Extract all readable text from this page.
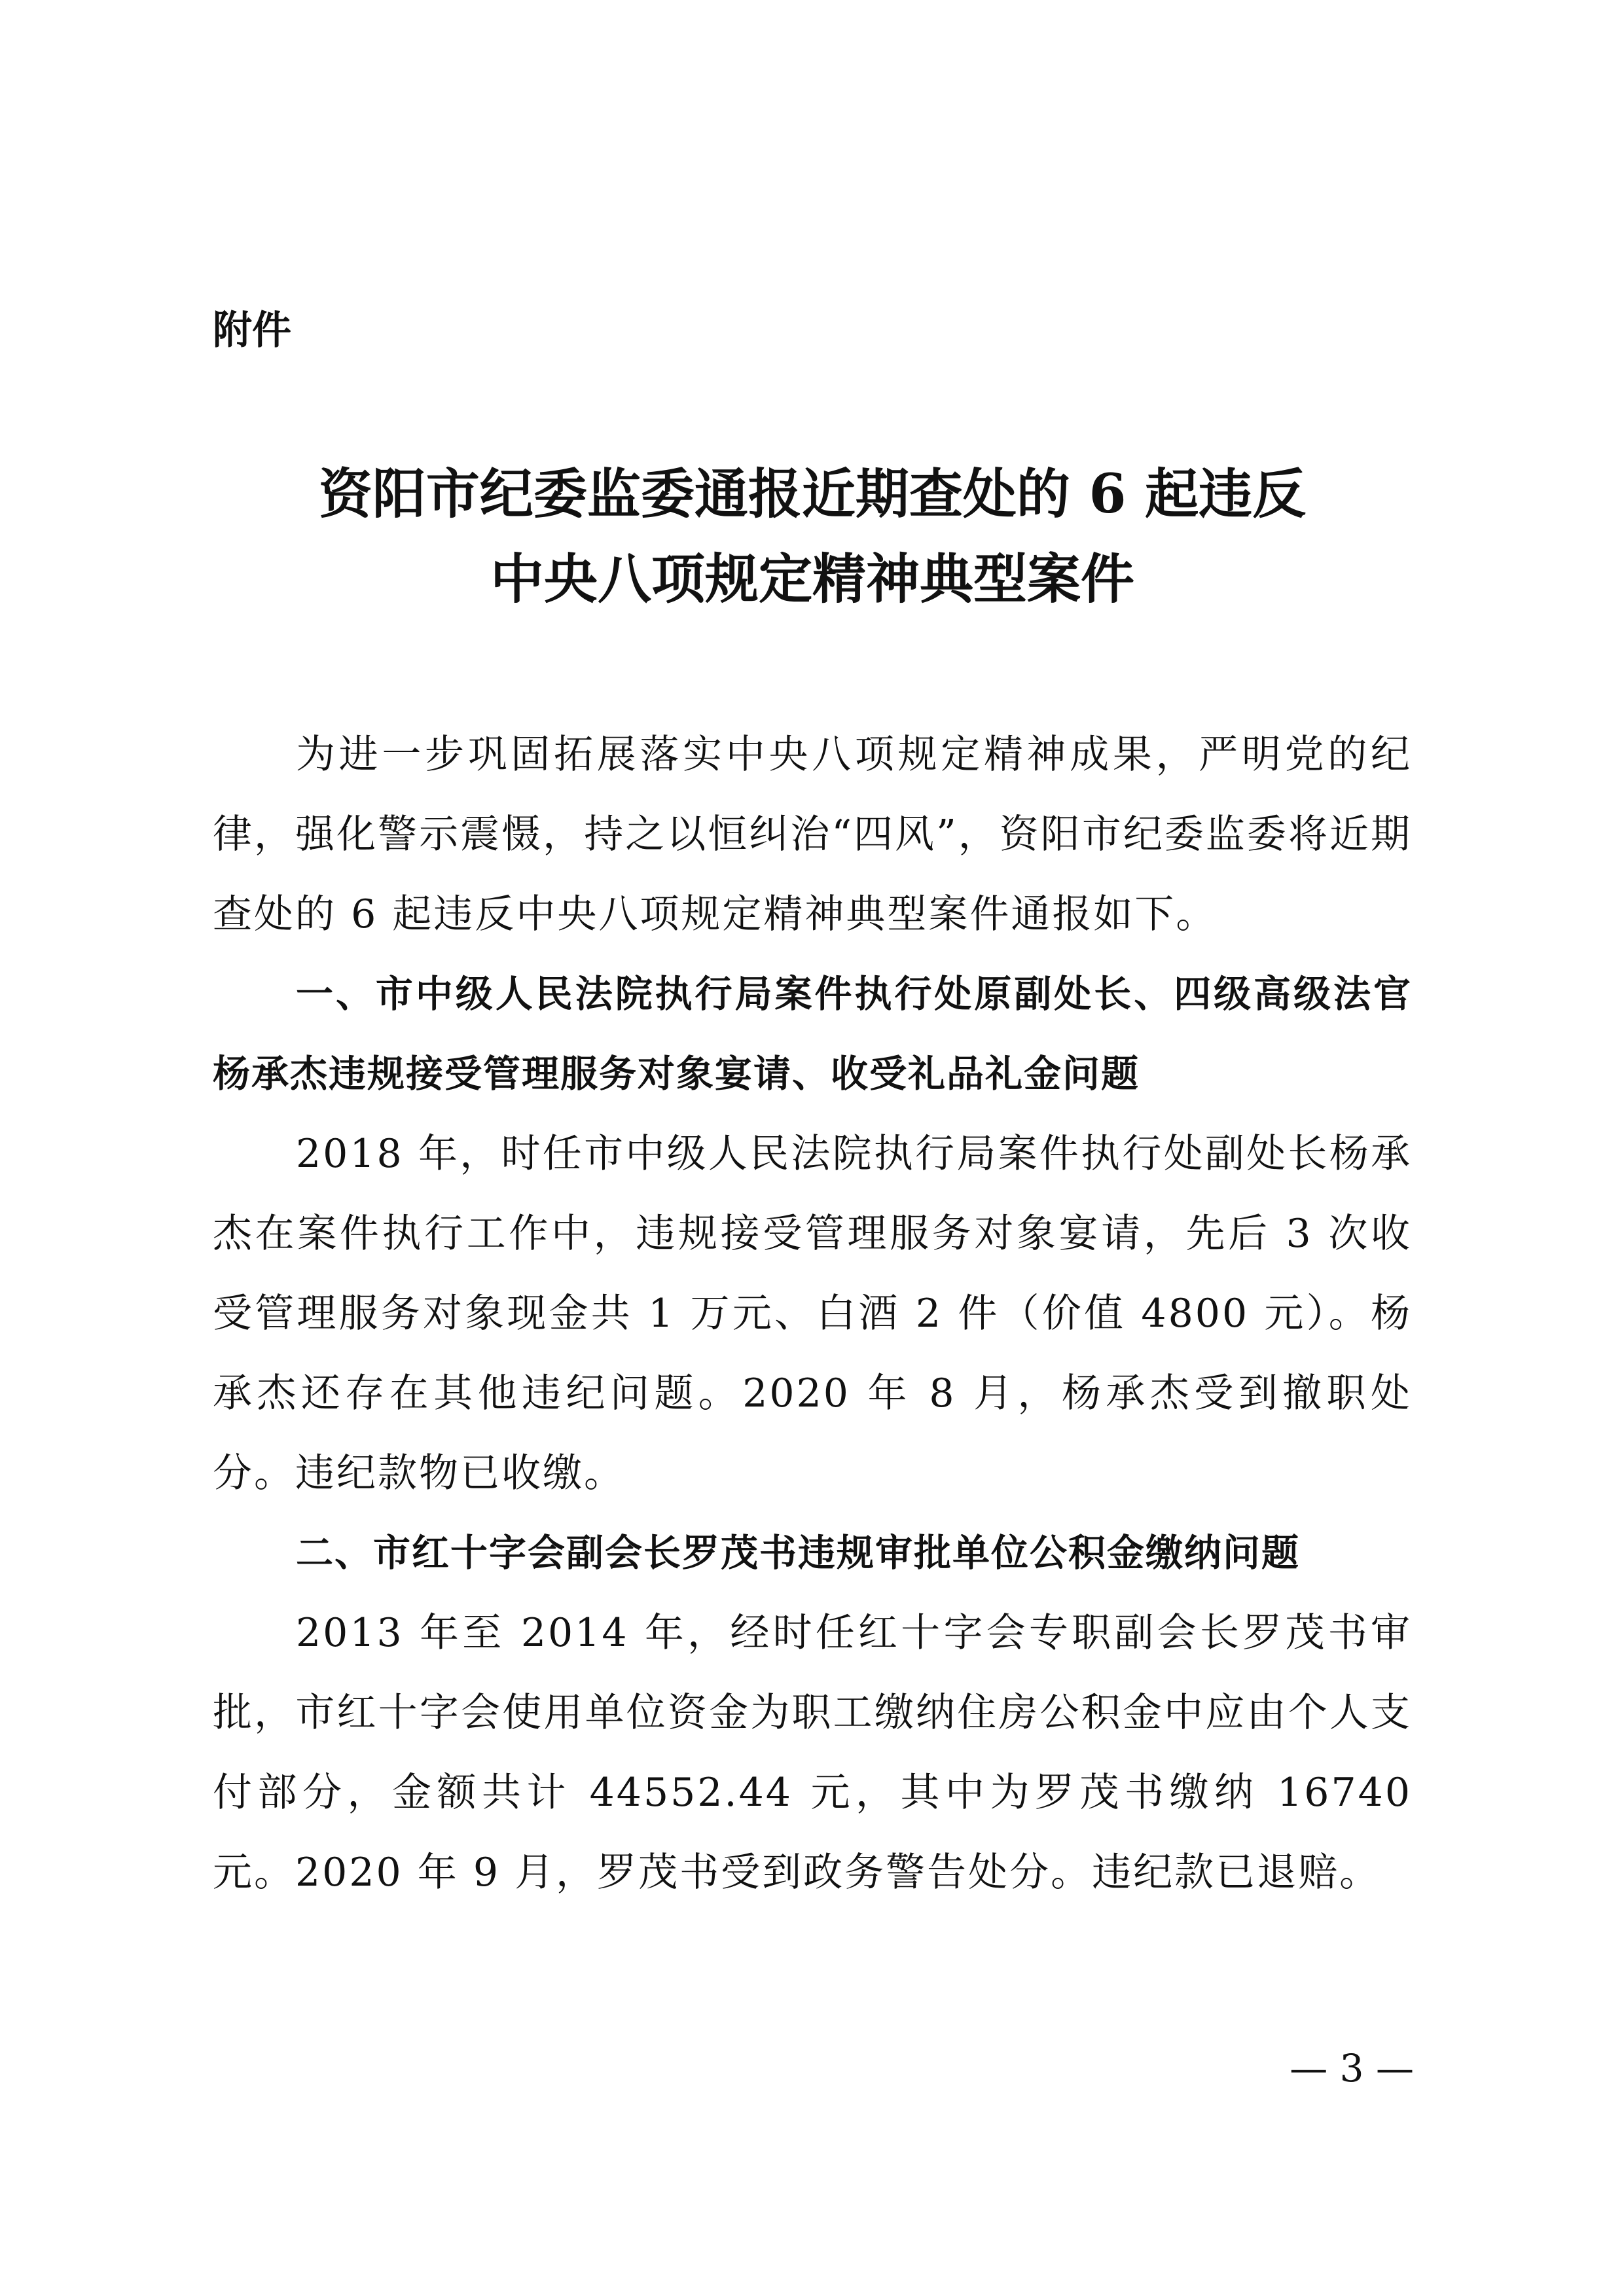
附件
资阳市纪委监委通报近期查处的 6 起违反
中央八项规定精神典型案件

为进一步巩固拓展落实中央八项规定精神成果，严明党的纪律，强化警示震慑，持之以恒纠治“四风”，资阳市纪委监委将近期查处的 6 起违反中央八项规定精神典型案件通报如下。

一、市中级人民法院执行局案件执行处原副处长、四级高级法官杨承杰违规接受管理服务对象宴请、收受礼品礼金问题

2018 年，时任市中级人民法院执行局案件执行处副处长杨承杰在案件执行工作中，违规接受管理服务对象宴请，先后 3 次收受管理服务对象现金共 1 万元、白酒 2 件（价值 4800 元）。杨承杰还存在其他违纪问题。2020 年 8 月，杨承杰受到撤职处分。违纪款物已收缴。

二、市红十字会副会长罗茂书违规审批单位公积金缴纳问题

2013 年至 2014 年，经时任红十字会专职副会长罗茂书审批，市红十字会使用单位资金为职工缴纳住房公积金中应由个人支付部分，金额共计 44552.44 元，其中为罗茂书缴纳 16740 元。2020 年 9 月，罗茂书受到政务警告处分。违纪款已退赔。

— 3 —
